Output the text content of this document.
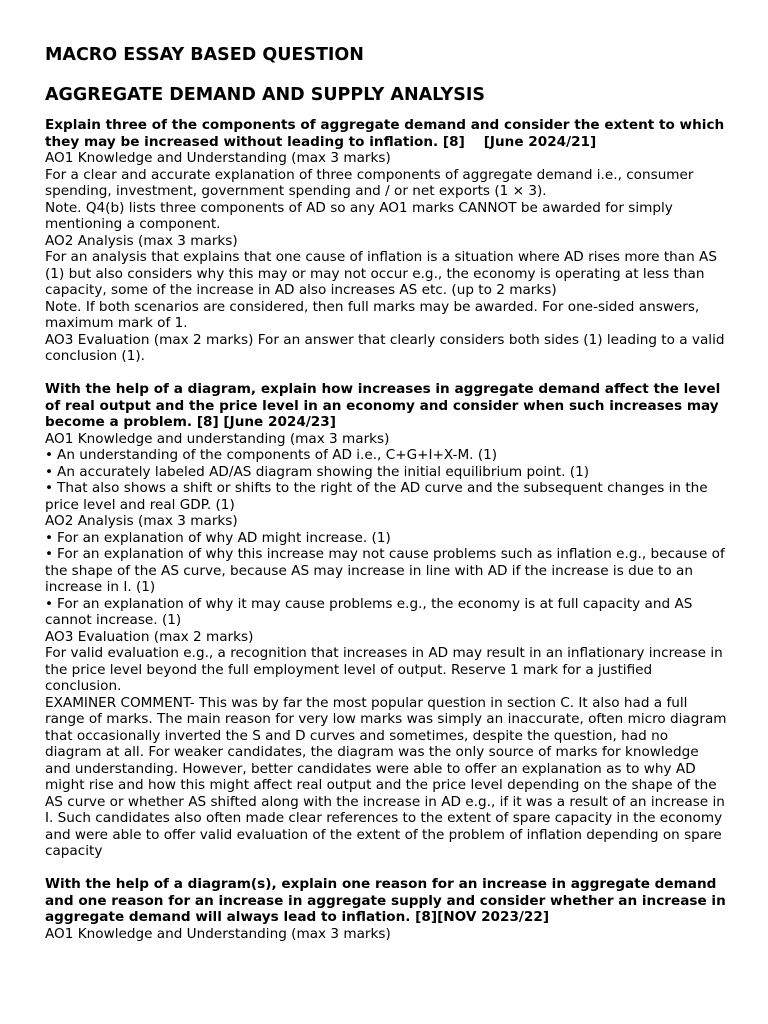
MACRO ESSAY BASED QUESTION
AGGREGATE DEMAND AND SUPPLY ANALYSIS
Explain three of the components of aggregate demand and consider the extent to which they may be increased without leading to inflation. [8]    [June 2024/21]
AO1 Knowledge and Understanding (max 3 marks)
For a clear and accurate explanation of three components of aggregate demand i.e., consumer spending, investment, government spending and / or net exports (1 × 3).
Note. Q4(b) lists three components of AD so any AO1 marks CANNOT be awarded for simply mentioning a component.
AO2 Analysis (max 3 marks)
For an analysis that explains that one cause of inflation is a situation where AD rises more than AS (1) but also considers why this may or may not occur e.g., the economy is operating at less than capacity, some of the increase in AD also increases AS etc. (up to 2 marks)
Note. If both scenarios are considered, then full marks may be awarded. For one-sided answers, maximum mark of 1.
AO3 Evaluation (max 2 marks) For an answer that clearly considers both sides (1) leading to a valid conclusion (1).
With the help of a diagram, explain how increases in aggregate demand affect the level of real output and the price level in an economy and consider when such increases may become a problem. [8] [June 2024/23]
AO1 Knowledge and understanding (max 3 marks)
• An understanding of the components of AD i.e., C+G+I+X-M. (1)
• An accurately labeled AD/AS diagram showing the initial equilibrium point. (1)
• That also shows a shift or shifts to the right of the AD curve and the subsequent changes in the price level and real GDP. (1)
AO2 Analysis (max 3 marks)
• For an explanation of why AD might increase. (1)
• For an explanation of why this increase may not cause problems such as inflation e.g., because of the shape of the AS curve, because AS may increase in line with AD if the increase is due to an increase in I. (1)
• For an explanation of why it may cause problems e.g., the economy is at full capacity and AS cannot increase. (1)
AO3 Evaluation (max 2 marks)
For valid evaluation e.g., a recognition that increases in AD may result in an inflationary increase in the price level beyond the full employment level of output. Reserve 1 mark for a justified conclusion.
EXAMINER COMMENT- This was by far the most popular question in section C. It also had a full range of marks. The main reason for very low marks was simply an inaccurate, often micro diagram that occasionally inverted the S and D curves and sometimes, despite the question, had no diagram at all. For weaker candidates, the diagram was the only source of marks for knowledge and understanding. However, better candidates were able to offer an explanation as to why AD might rise and how this might affect real output and the price level depending on the shape of the AS curve or whether AS shifted along with the increase in AD e.g., if it was a result of an increase in I. Such candidates also often made clear references to the extent of spare capacity in the economy and were able to offer valid evaluation of the extent of the problem of inflation depending on spare capacity
With the help of a diagram(s), explain one reason for an increase in aggregate demand and one reason for an increase in aggregate supply and consider whether an increase in aggregate demand will always lead to inflation. [8][NOV 2023/22]
AO1 Knowledge and Understanding (max 3 marks)
